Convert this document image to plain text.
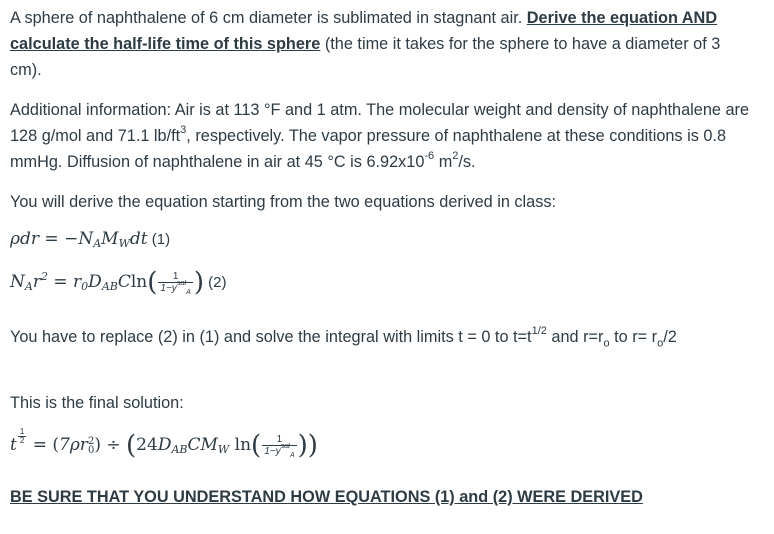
A sphere of naphthalene of 6 cm diameter is sublimated in stagnant air. Derive the equation AND calculate the half-life time of this sphere (the time it takes for the sphere to have a diameter of 3 cm).

Additional information: Air is at 113 °F and 1 atm. The molecular weight and density of naphthalene are 128 g/mol and 71.1 $lb/ft^3$, respectively. The vapor pressure of naphthalene at these conditions is 0.8 mmHg. Diffusion of naphthalene in air at 45 °C is $6.92x10^{-6}$ $m^2/s$.

You will derive the equation starting from the two equations derived in class:

ρdr = −NAMWdt (1)
NAr$^2$ = r0DABCln( $\frac{1}{1-y^{sat}_A}$ ) (2)

You have to replace (2) in (1) and solve the integral with limits t = 0 to $t=t^{1/2}$ and $r=r_o$ to $r= r_o/2$

This is the final solution:

t $\frac{1}{2} = (7\rho r$ 2
0 ) ÷ (24DABCMW $\ln( \frac{1}{1-y^{sat}_A}$ ))

BE SURE THAT YOU UNDERSTAND HOW EQUATIONS (1) and (2) WERE DERIVED
